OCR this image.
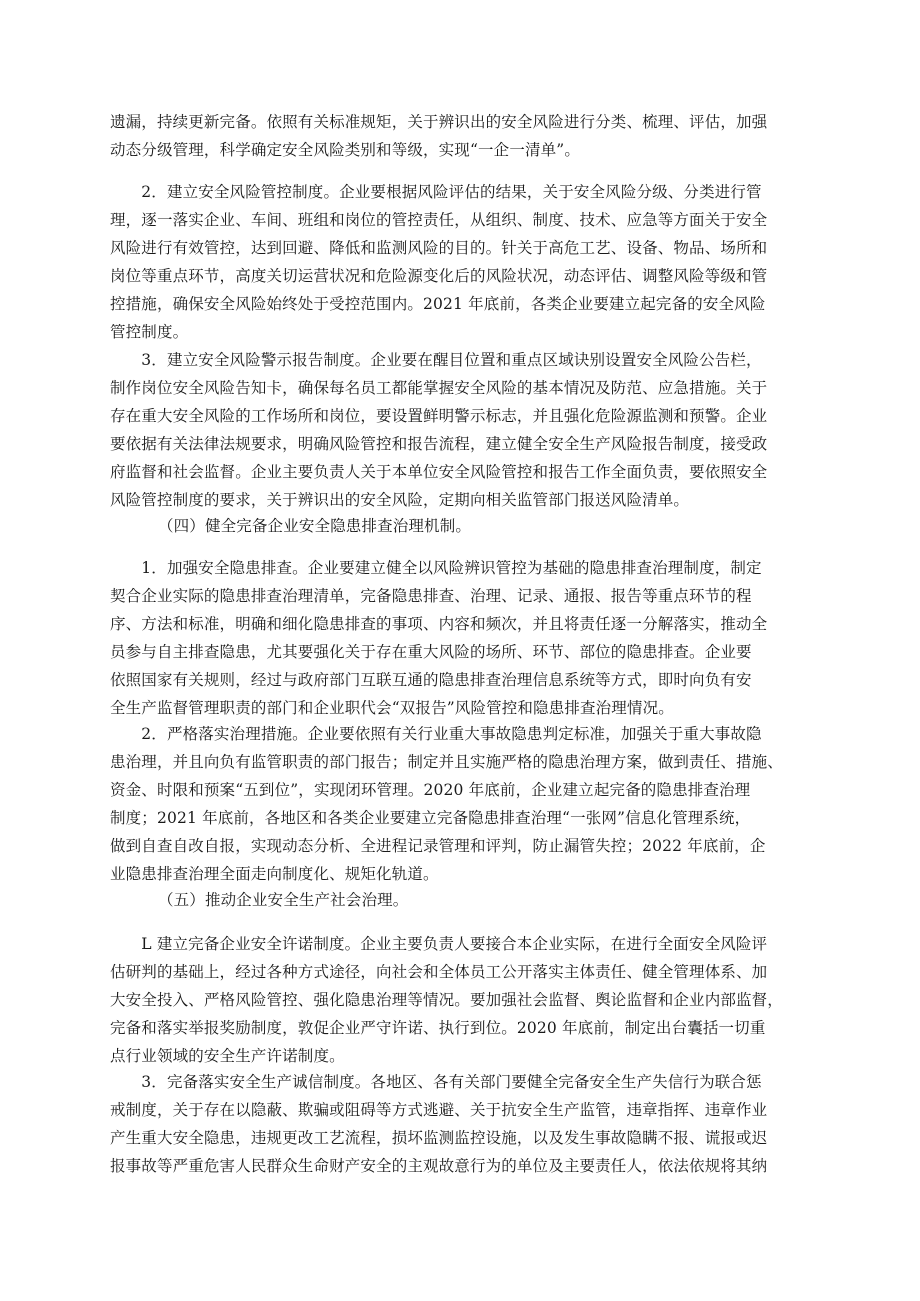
遗漏，持续更新完备。依照有关标准规矩，关于辨识出的安全风险进行分类、梳理、评估，加强
动态分级管理，科学确定安全风险类别和等级，实现“一企一清单”。
　　2．建立安全风险管控制度。企业要根据风险评估的结果，关于安全风险分级、分类进行管
理，逐一落实企业、车间、班组和岗位的管控责任，从组织、制度、技术、应急等方面关于安全
风险进行有效管控，达到回避、降低和监测风险的目的。针关于高危工艺、设备、物品、场所和
岗位等重点环节，高度关切运营状况和危险源变化后的风险状况，动态评估、调整风险等级和管
控措施，确保安全风险始终处于受控范围内。2021 年底前，各类企业要建立起完备的安全风险
管控制度。
　　3．建立安全风险警示报告制度。企业要在醒目位置和重点区域诀别设置安全风险公告栏，
制作岗位安全风险告知卡，确保每名员工都能掌握安全风险的基本情况及防范、应急措施。关于
存在重大安全风险的工作场所和岗位，要设置鲜明警示标志，并且强化危险源监测和预警。企业
要依据有关法律法规要求，明确风险管控和报告流程，建立健全安全生产风险报告制度，接受政
府监督和社会监督。企业主要负责人关于本单位安全风险管控和报告工作全面负责，要依照安全
风险管控制度的要求，关于辨识出的安全风险，定期向相关监管部门报送风险清单。
（四）健全完备企业安全隐患排查治理机制。
　　1．加强安全隐患排查。企业要建立健全以风险辨识管控为基础的隐患排查治理制度，制定
契合企业实际的隐患排查治理清单，完备隐患排查、治理、记录、通报、报告等重点环节的程
序、方法和标准，明确和细化隐患排查的事项、内容和频次，并且将责任逐一分解落实，推动全
员参与自主排查隐患，尤其要强化关于存在重大风险的场所、环节、部位的隐患排查。企业要
依照国家有关规则，经过与政府部门互联互通的隐患排查治理信息系统等方式，即时向负有安
全生产监督管理职责的部门和企业职代会“双报告”风险管控和隐患排查治理情况。
　　2．严格落实治理措施。企业要依照有关行业重大事故隐患判定标准，加强关于重大事故隐
患治理，并且向负有监管职责的部门报告；制定并且实施严格的隐患治理方案，做到责任、措施、
资金、时限和预案“五到位”，实现闭环管理。2020 年底前，企业建立起完备的隐患排查治理
制度；2021 年底前，各地区和各类企业要建立完备隐患排查治理“一张网”信息化管理系统，
做到自查自改自报，实现动态分析、全进程记录管理和评判，防止漏管失控；2022 年底前，企
业隐患排查治理全面走向制度化、规矩化轨道。
（五）推动企业安全生产社会治理。
　　L 建立完备企业安全许诺制度。企业主要负责人要接合本企业实际，在进行全面安全风险评
估研判的基础上，经过各种方式途径，向社会和全体员工公开落实主体责任、健全管理体系、加
大安全投入、严格风险管控、强化隐患治理等情况。要加强社会监督、舆论监督和企业内部监督，
完备和落实举报奖励制度，敦促企业严守许诺、执行到位。2020 年底前，制定出台囊括一切重
点行业领域的安全生产许诺制度。
　　3．完备落实安全生产诚信制度。各地区、各有关部门要健全完备安全生产失信行为联合惩
戒制度，关于存在以隐蔽、欺骗或阻碍等方式逃避、关于抗安全生产监管，违章指挥、违章作业
产生重大安全隐患，违规更改工艺流程，损坏监测监控设施，以及发生事故隐瞒不报、谎报或迟
报事故等严重危害人民群众生命财产安全的主观故意行为的单位及主要责任人，依法依规将其纳
